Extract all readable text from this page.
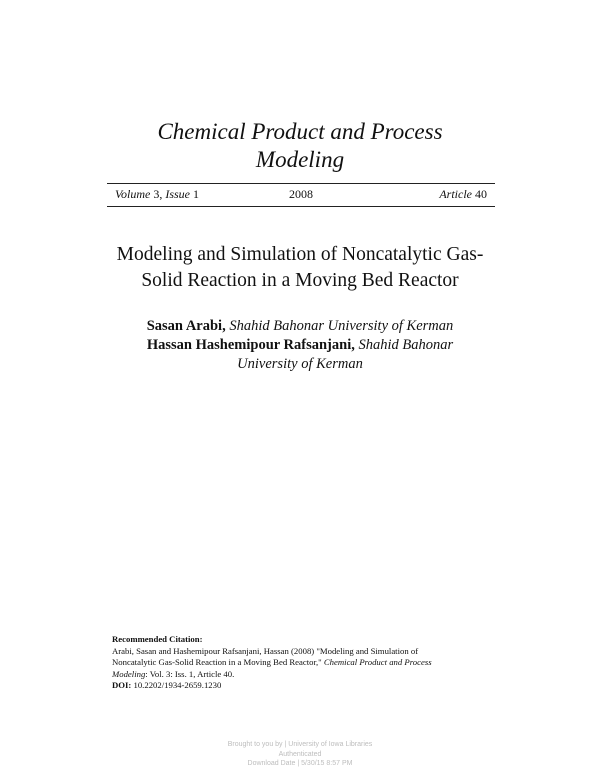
Chemical Product and Process
Modeling
Volume 3, Issue 1	2008	Article 40
Modeling and Simulation of Noncatalytic Gas-
Solid Reaction in a Moving Bed Reactor
Sasan Arabi, Shahid Bahonar University of Kerman
Hassan Hashemipour Rafsanjani, Shahid Bahonar
University of Kerman
Recommended Citation:
Arabi, Sasan and Hashemipour Rafsanjani, Hassan (2008) "Modeling and Simulation of
Noncatalytic Gas-Solid Reaction in a Moving Bed Reactor," Chemical Product and Process
Modeling: Vol. 3: Iss. 1, Article 40.
DOI: 10.2202/1934-2659.1230
Brought to you by | University of Iowa Libraries
Authenticated
Download Date | 5/30/15 8:57 PM
